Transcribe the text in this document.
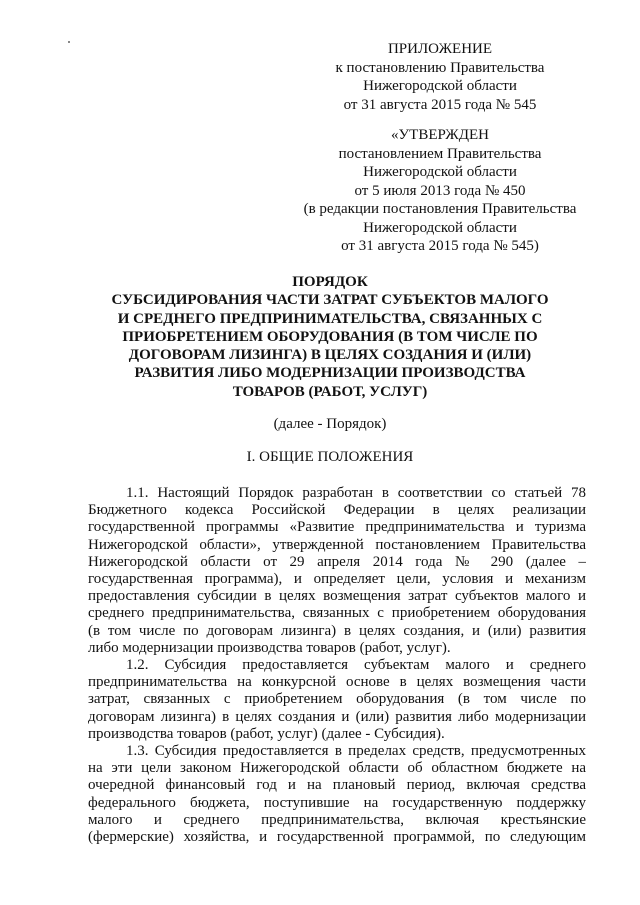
ПРИЛОЖЕНИЕ
к постановлению Правительства
Нижегородской области
от 31 августа 2015 года № 545
«УТВЕРЖДЕН
постановлением Правительства
Нижегородской области
от 5 июля 2013 года № 450
(в редакции постановления Правительства
Нижегородской области
от 31 августа 2015 года № 545)
ПОРЯДОК
СУБСИДИРОВАНИЯ ЧАСТИ ЗАТРАТ СУБЪЕКТОВ МАЛОГО
И СРЕДНЕГО ПРЕДПРИНИМАТЕЛЬСТВА, СВЯЗАННЫХ С
ПРИОБРЕТЕНИЕМ ОБОРУДОВАНИЯ (В ТОМ ЧИСЛЕ ПО
ДОГОВОРАМ ЛИЗИНГА) В ЦЕЛЯХ СОЗДАНИЯ И (ИЛИ)
РАЗВИТИЯ ЛИБО МОДЕРНИЗАЦИИ ПРОИЗВОДСТВА
ТОВАРОВ (РАБОТ, УСЛУГ)
(далее - Порядок)
I. ОБЩИЕ ПОЛОЖЕНИЯ
1.1. Настоящий Порядок разработан в соответствии со статьей 78
Бюджетного кодекса Российской Федерации в целях реализации
государственной программы «Развитие предпринимательства и туризма
Нижегородской области», утвержденной постановлением Правительства
Нижегородской области от 29 апреля 2014 года № 290 (далее –
государственная программа), и определяет цели, условия и механизм
предоставления субсидии в целях возмещения затрат субъектов малого и
среднего предпринимательства, связанных с приобретением оборудования
(в том числе по договорам лизинга) в целях создания, и (или) развития
либо модернизации производства товаров (работ, услуг).
1.2. Субсидия предоставляется субъектам малого и среднего
предпринимательства на конкурсной основе в целях возмещения части
затрат, связанных с приобретением оборудования (в том числе по
договорам лизинга) в целях создания и (или) развития либо модернизации
производства товаров (работ, услуг) (далее - Субсидия).
1.3. Субсидия предоставляется в пределах средств, предусмотренных
на эти цели законом Нижегородской области об областном бюджете на
очередной финансовый год и на плановый период, включая средства
федерального бюджета, поступившие на государственную поддержку
малого и среднего предпринимательства, включая крестьянские
(фермерские) хозяйства, и государственной программой, по следующим
